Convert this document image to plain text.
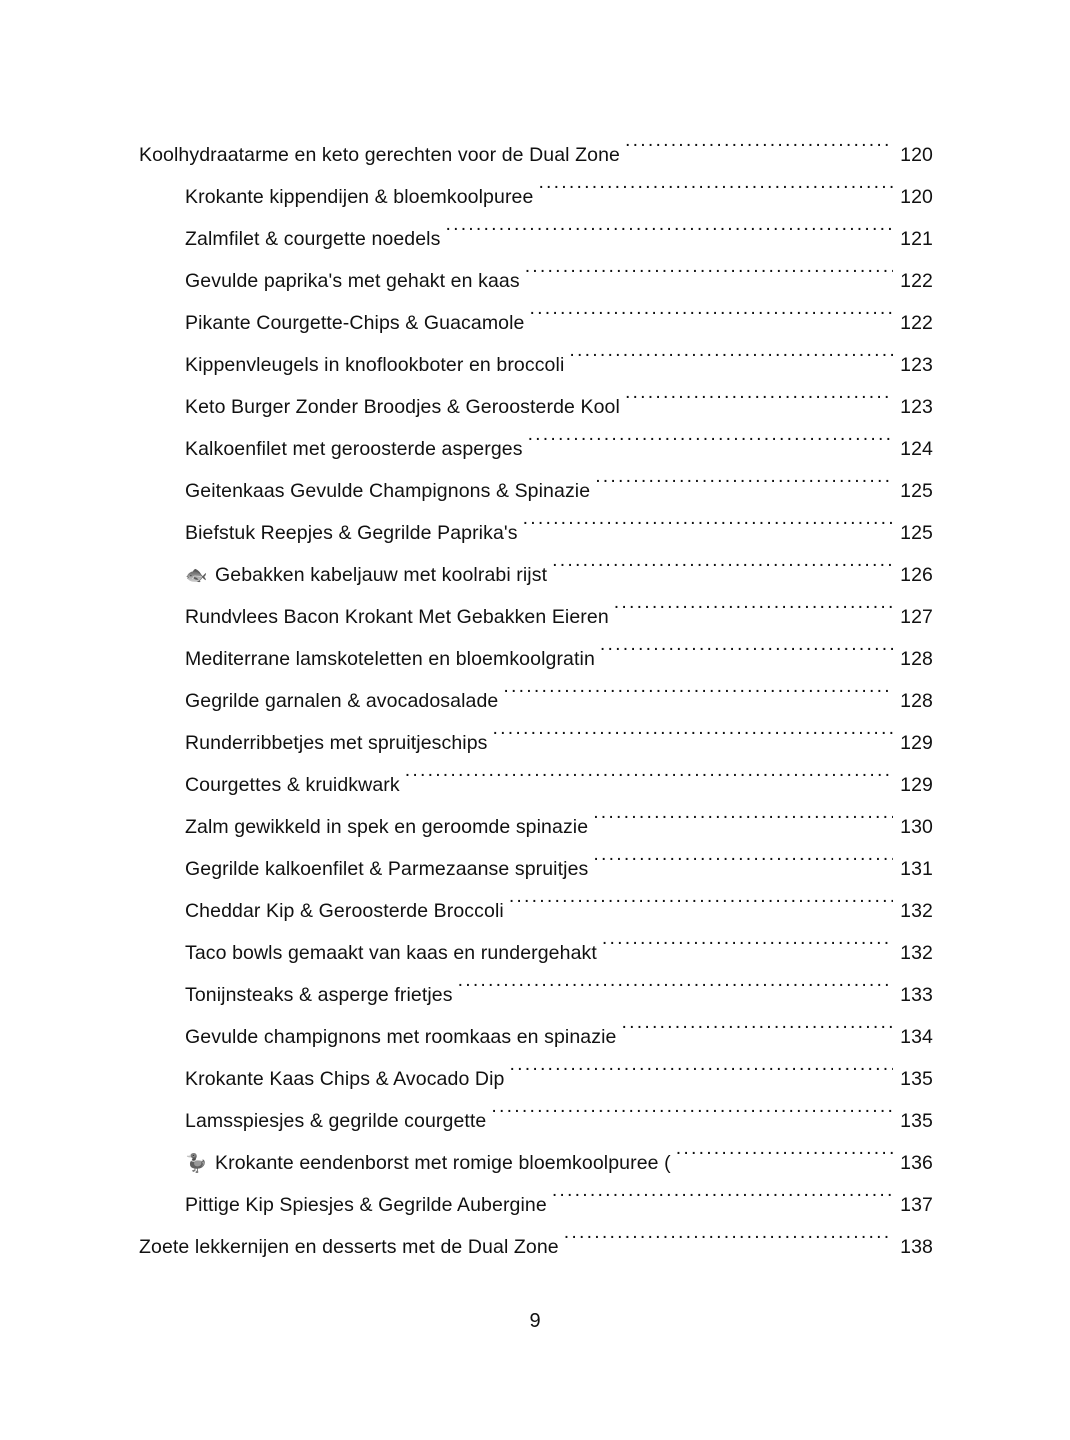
Koolhydraatarme en keto gerechten voor de Dual Zone .....	120
Krokante kippendijen & bloemkoolpuree .....	120
Zalmfilet & courgette noedels .....	121
Gevulde paprika's met gehakt en kaas .....	122
Pikante Courgette-Chips & Guacamole .....	122
Kippenvleugels in knoflookboter en broccoli .....	123
Keto Burger Zonder Broodjes & Geroosterde Kool .....	123
Kalkoenfilet met geroosterde asperges .....	124
Geitenkaas Gevulde Champignons & Spinazie .....	125
Biefstuk Reepjes & Gegrilde Paprika's .....	125
🐟 Gebakken kabeljauw met koolrabi rijst .....	126
Rundvlees Bacon Krokant Met Gebakken Eieren .....	127
Mediterrane lamskoteletten en bloemkoolgratin .....	128
Gegrilde garnalen & avocadosalade .....	128
Runderribbetjes met spruitjeschips .....	129
Courgettes & kruidkwark .....	129
Zalm gewikkeld in spek en geroomde spinazie .....	130
Gegrilde kalkoenfilet & Parmezaanse spruitjes .....	131
Cheddar Kip & Geroosterde Broccoli .....	132
Taco bowls gemaakt van kaas en rundergehakt .....	132
Tonijnsteaks & asperge frietjes .....	133
Gevulde champignons met roomkaas en spinazie .....	134
Krokante Kaas Chips & Avocado Dip .....	135
Lamsspiesjes & gegrilde courgette .....	135
🦆 Krokante eendenborst met romige bloemkoolpuree ( .....	136
Pittige Kip Spiesjes & Gegrilde Aubergine .....	137
Zoete lekkernijen en desserts met de Dual Zone .....	138
9
